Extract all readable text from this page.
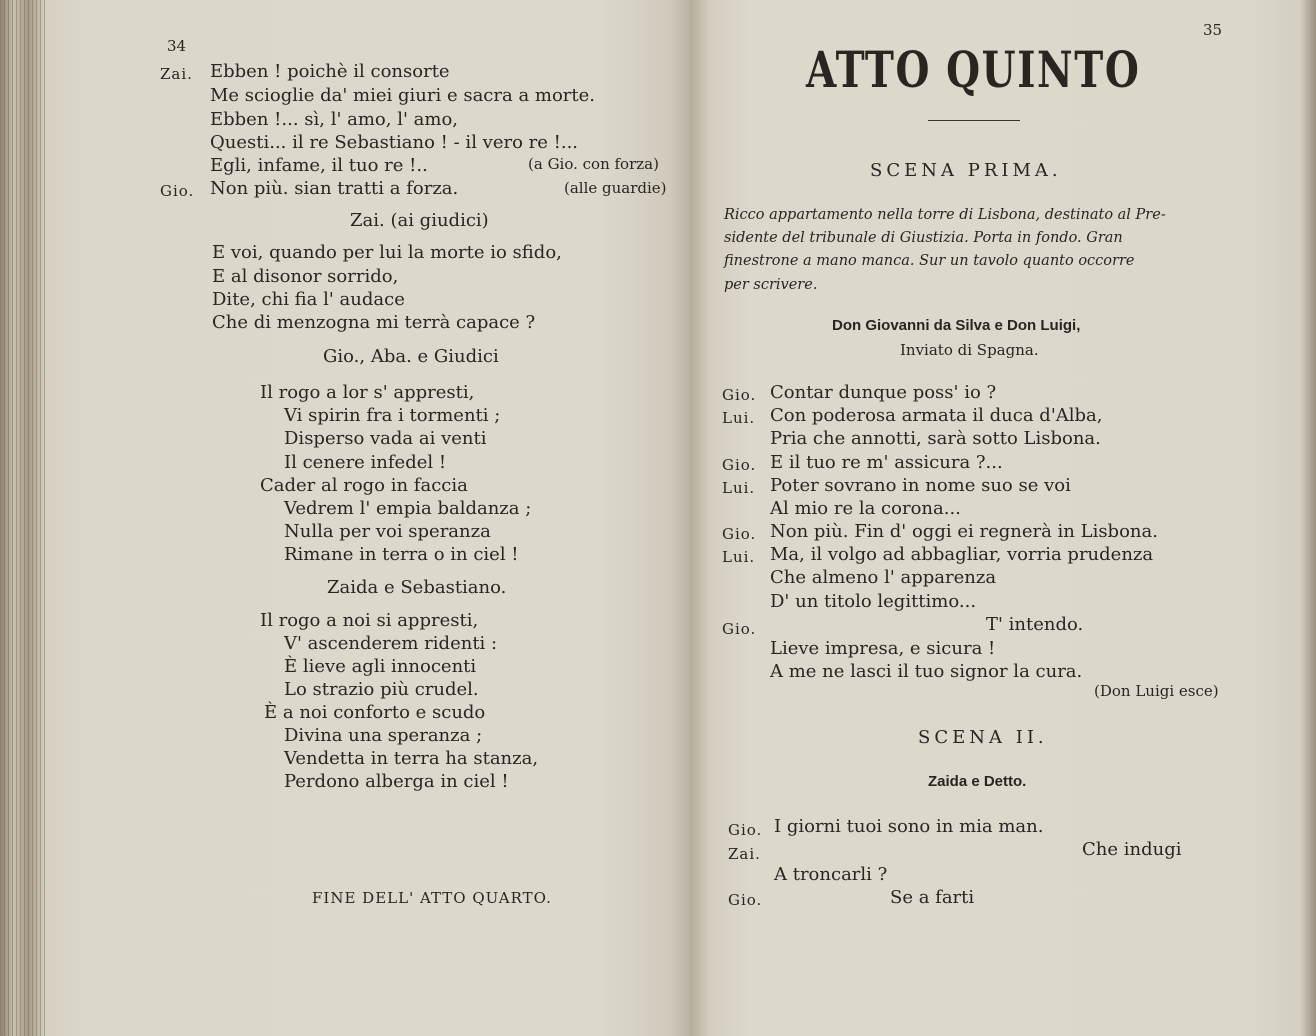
34
Zai. Ebben ! poichè il consorte
Me scioglie da' miei giuri e sacra a morte.
Ebben !... sì, l' amo, l' amo,
Questi... il re Sebastiano ! - il vero re !...
Egli, infame, il tuo re !..	(a Gio. con forza)
Gio. Non più. sian tratti a forza.	(alle guardie)
Zai. (ai giudici)
E voi, quando per lui la morte io sfido,
E al disonor sorrido,
Dite, chi fia l' audace
Che di menzogna mi terrà capace ?
Gio., Aba. e Giudici
Il rogo a lor s' appresti,
Vi spirin fra i tormenti ;
Disperso vada ai venti
Il cenere infedel !
Cader al rogo in faccia
Vedrem l' empia baldanza ;
Nulla per voi speranza
Rimane in terra o in ciel !
Zaida e Sebastiano.
Il rogo a noi si appresti,
V' ascenderem ridenti :
È lieve agli innocenti
Lo strazio più crudel.
È a noi conforto e scudo
Divina una speranza ;
Vendetta in terra ha stanza,
Perdono alberga in ciel !
FINE DELL' ATTO QUARTO.
35
ATTO QUINTO
SCENA PRIMA.
Ricco appartamento nella torre di Lisbona, destinato al Pre-
sidente del tribunale di Giustizia. Porta in fondo. Gran
finestrone a mano manca. Sur un tavolo quanto occorre
per scrivere.
Don Giovanni da Silva e Don Luigi,
Inviato di Spagna.
Gio. Contar dunque poss' io ?
Lui. Con poderosa armata il duca d'Alba,
Pria che annotti, sarà sotto Lisbona.
Gio. E il tuo re m' assicura ?...
Lui. Poter sovrano in nome suo se voi
Al mio re la corona...
Gio. Non più. Fin d' oggi ei regnerà in Lisbona.
Lui. Ma, il volgo ad abbagliar, vorria prudenza
Che almeno l' apparenza
D' un titolo legittimo...
Gio.	T' intendo.
Lieve impresa, e sicura !
A me ne lasci il tuo signor la cura.
(Don Luigi esce)
SCENA II.
Zaida e Detto.
Gio. I giorni tuoi sono in mia man.
Zai.	Che indugi
A troncarli ?
Gio.	Se a farti
